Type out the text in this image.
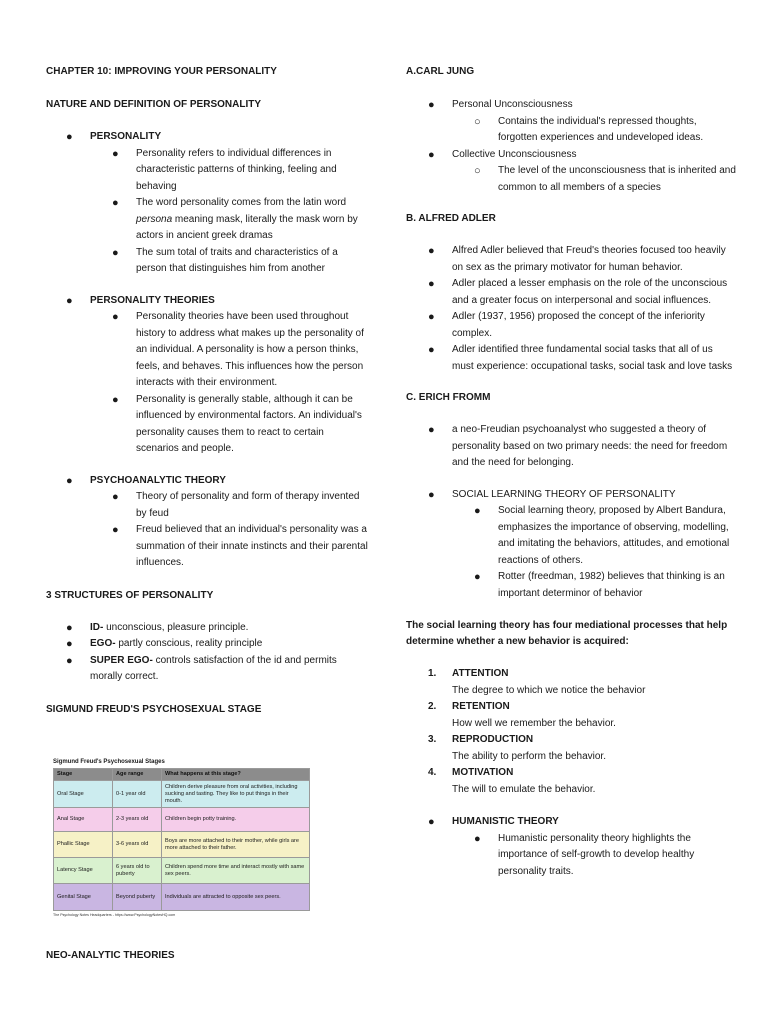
CHAPTER 10: IMPROVING YOUR PERSONALITY

NATURE AND DEFINITION OF PERSONALITY

●	PERSONALITY
● Personality refers to individual differences in characteristic patterns of thinking, feeling and behaving
● The word personality comes from the latin word persona meaning mask, literally the mask worn by actors in ancient greek dramas
● The sum total of traits and characteristics of a person that distinguishes him from another
●	PERSONALITY THEORIES
● Personality theories have been used throughout history to address what makes up the personality of an individual. A personality is how a person thinks, feels, and behaves. This influences how the person interacts with their environment.
● Personality is generally stable, although it can be influenced by environmental factors. An individual's personality causes them to react to certain scenarios and people.
●	PSYCHOANALYTIC THEORY
● Theory of personality and form of therapy invented by feud
● Freud believed that an individual's personality was a summation of their innate instincts and their parental influences.

3 STRUCTURES OF PERSONALITY

●	ID- unconscious, pleasure principle.
●	EGO- partly conscious, reality principle
●	SUPER EGO- controls satisfaction of the id and permits morally correct.

SIGMUND FREUD'S PSYCHOSEXUAL STAGE

Sigmund Freud's Psychosexual Stages
Stage	Age range	What happens at this stage?
Oral Stage	0-1 year old	Children derive pleasure from oral activities, including sucking and tasting. They like to put things in their mouth.
Anal Stage	2-3 years old	Children begin potty training.
Phallic Stage	3-6 years old	Boys are more attached to their mother, while girls are more attached to their father.
Latency Stage	6 years old to puberty	Children spend more time and interact mostly with same sex peers.
Genital Stage	Beyond puberty	Individuals are attracted to opposite sex peers.
The Psychology Notes Headquarters - https://www.PsychologyNotesHQ.com

NEO-ANALYTIC THEORIES

A.CARL JUNG

●	Personal Unconsciousness
○ Contains the individual's repressed thoughts, forgotten experiences and undeveloped ideas.
●	Collective Unconsciousness
○ The level of the unconsciousness that is inherited and common to all members of a species

B. ALFRED ADLER

●	Alfred Adler believed that Freud's theories focused too heavily on sex as the primary motivator for human behavior.
●	Adler placed a lesser emphasis on the role of the unconscious and a greater focus on interpersonal and social influences.
●	Adler (1937, 1956) proposed the concept of the inferiority complex.
●	Adler identified three fundamental social tasks that all of us must experience: occupational tasks, social task and love tasks

C. ERICH FROMM

●	a neo-Freudian psychoanalyst who suggested a theory of personality based on two primary needs: the need for freedom and the need for belonging.
●	SOCIAL LEARNING THEORY OF PERSONALITY
● Social learning theory, proposed by Albert Bandura, emphasizes the importance of observing, modelling, and imitating the behaviors, attitudes, and emotional reactions of others.
● Rotter (freedman, 1982) believes that thinking is an important determinor of behavior

The social learning theory has four mediational processes that help determine whether a new behavior is acquired:

1.	ATTENTION
The degree to which we notice the behavior
2.	RETENTION
How well we remember the behavior.
3.	REPRODUCTION
The ability to perform the behavior.
4.	MOTIVATION
The will to emulate the behavior.
●	HUMANISTIC THEORY
● Humanistic personality theory highlights the importance of self-growth to develop healthy personality traits.
